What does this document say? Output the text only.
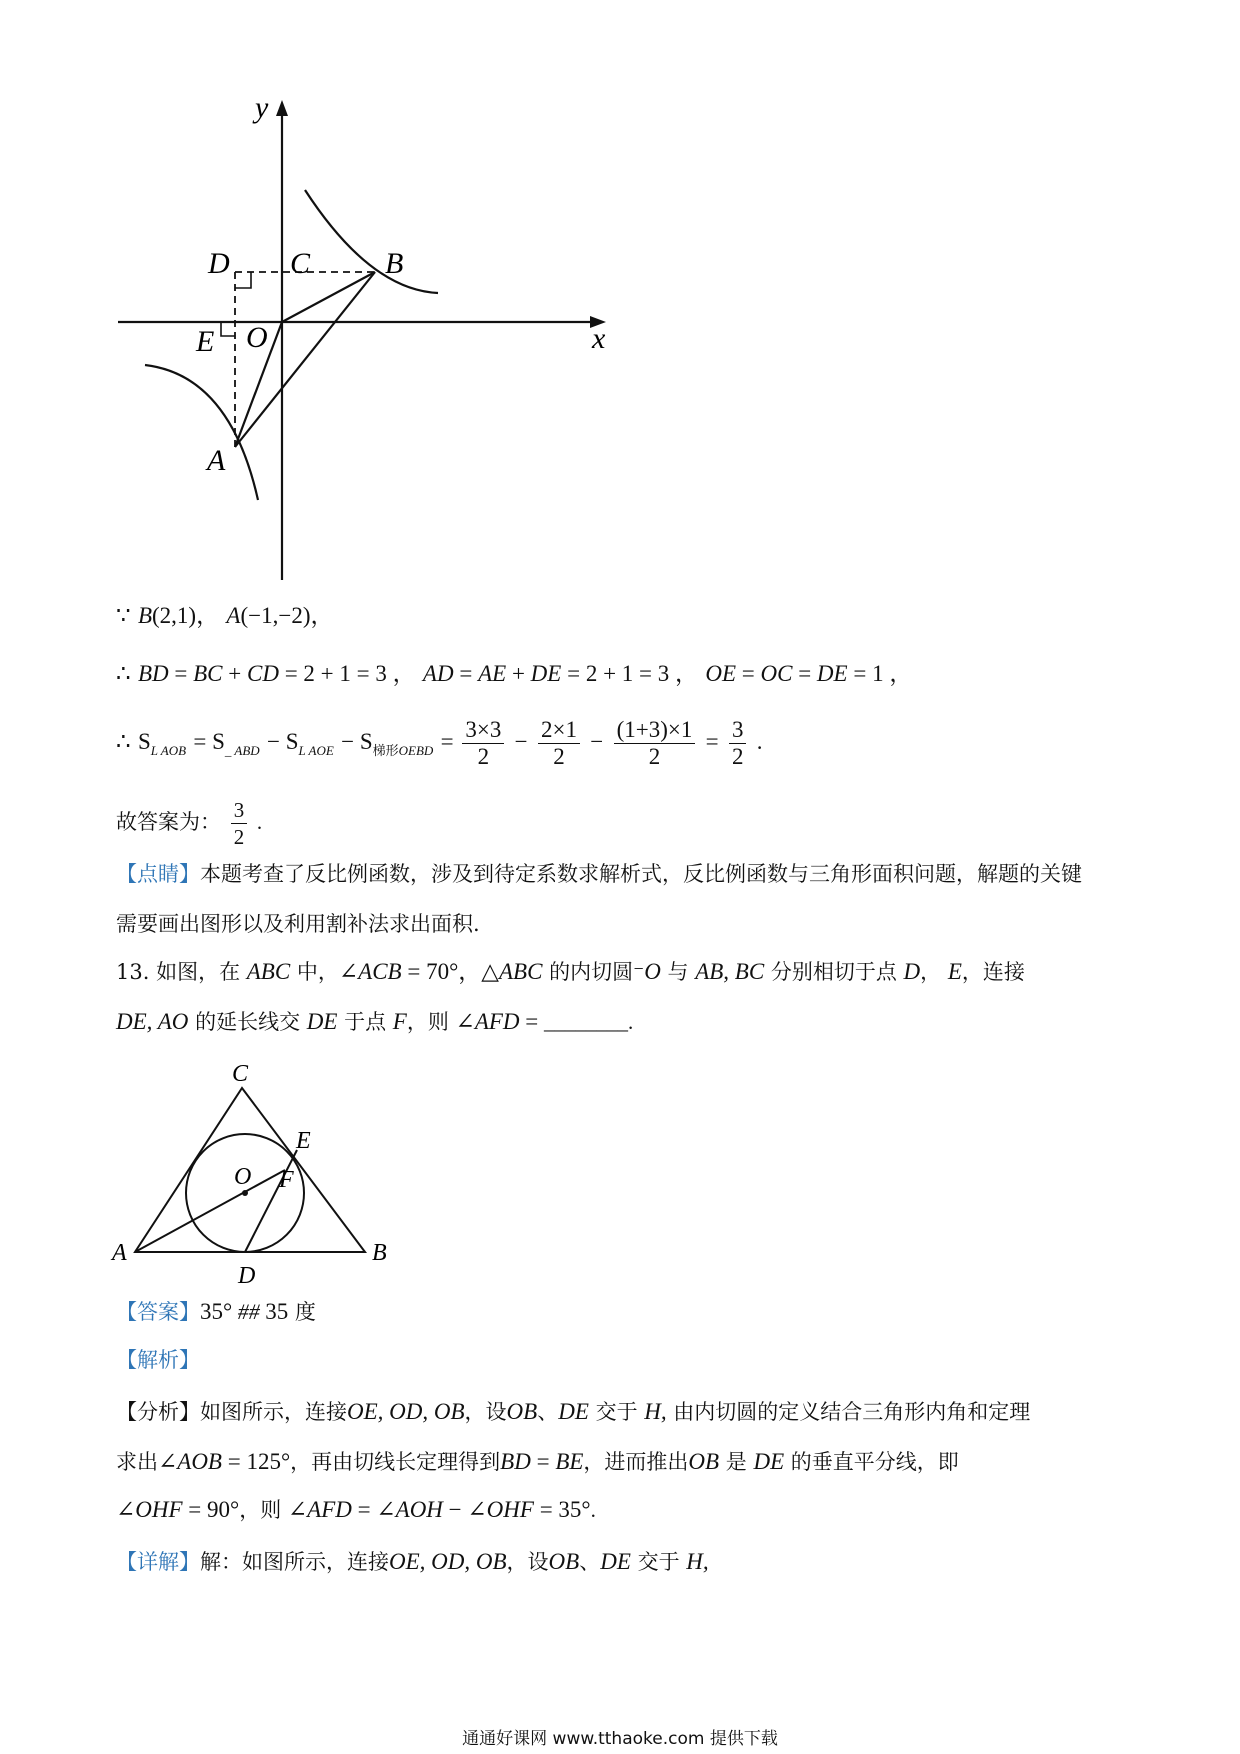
y
x
D C B
E O
A
∵ B(2,1)， A(−1,−2)，
∴ BD = BC + CD = 2 + 1 = 3 ， AD = AE + DE = 2 + 1 = 3 ， OE = OC = DE = 1 ，
∴ $S_{L AOB} = S_{\_ ABD} - S_{L AOE} - S_{梯形OEBD} = \frac{3\times 3}{2} - \frac{2\times 1}{2} - \frac{(1+3)\times 1}{2} = \frac{3}{2}$ .
故答案为： $\frac{3}{2}$ .
【点睛】本题考查了反比例函数，涉及到待定系数求解析式，反比例函数与三角形面积问题，解题的关键
需要画出图形以及利用割补法求出面积.
13. 如图，在 ABC 中，∠ACB = 70°，△ABC 的内切圆⁻O 与 AB, BC 分别相切于点 D， E，连接
DE, AO 的延长线交 DE 于点 F，则 ∠AFD = ________.
C
E
O F
A
D
B
【答案】35° ## 35 度
【解析】
【分析】如图所示，连接OE, OD, OB，设OB、DE 交于 H, 由内切圆的定义结合三角形内角和定理
求出∠AOB = 125°，再由切线长定理得到BD = BE，进而推出OB 是 DE 的垂直平分线，即
∠OHF = 90°，则 ∠AFD = ∠AOH − ∠OHF = 35°.
【详解】解：如图所示，连接OE, OD, OB，设OB、DE 交于 H,
通通好课网 www.tthaoke.com 提供下载
